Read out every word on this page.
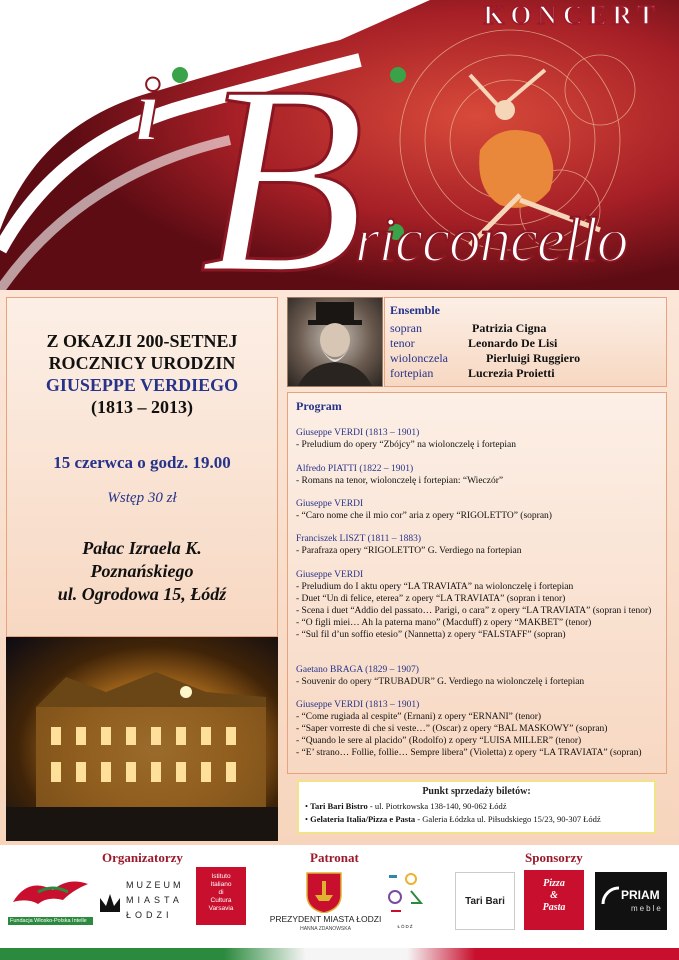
i B
KONCERT
ricconcello
Z OKAZJI 200-SETNEJ
ROCZNICY URODZIN
GIUSEPPE VERDIEGO
(1813 – 2013)
15 czerwca o godz. 19.00
Wstęp 30 zł
Pałac Izraela K.
Poznańskiego
ul. Ogrodowa 15, Łódź
Ensemble
sopran	Patrizia Cigna
tenor	Leonardo De Lisi
wiolonczela	Pierluigi Ruggiero
fortepian	Lucrezia Proietti
Program
Giuseppe VERDI (1813 – 1901)
- Preludium do opery “Zbójcy” na wiolonczelę i fortepian
Alfredo PIATTI (1822 – 1901)
- Romans na tenor, wiolonczelę i fortepian: “Wieczór”
Giuseppe VERDI
- “Caro nome che il mio cor” aria z opery “RIGOLETTO” (sopran)
Franciszek LISZT (1811 – 1883)
- Parafraza opery “RIGOLETTO” G. Verdiego na fortepian
Giuseppe VERDI
- Preludium do I aktu opery “LA TRAVIATA” na wiolonczelę i fortepian
- Duet “Un dì felice, eterea” z opery “LA TRAVIATA” (sopran i tenor)
- Scena i duet “Addio del passato… Parigi, o cara” z opery “LA TRAVIATA” (sopran i tenor)
- “O figli miei… Ah la paterna mano” (Macduff) z opery “MAKBET” (tenor)
- “Sul fil d’un soffio etesio” (Nannetta) z opery “FALSTAFF” (sopran)
Gaetano BRAGA (1829 – 1907)
- Souvenir do opery “TRUBADUR” G. Verdiego na wiolonczelę i fortepian
Giuseppe VERDI (1813 – 1901)
- “Come rugiada al cespite” (Ernani) z opery “ERNANI” (tenor)
- “Saper vorreste di che si veste…” (Oscar) z opery “BAL MASKOWY” (sopran)
- “Quando le sere al placido” (Rodolfo) z opery “LUISA MILLER” (tenor)
- “E’ strano… Follie, follie… Sempre libera” (Violetta) z opery “LA TRAVIATA” (sopran)
Punkt sprzedaży biletów:
• Tari Bari Bistro - ul. Piotrkowska 138-140, 90-062 Łódź
• Gelateria Italia/Pizza e Pasta - Galeria Łódzka ul. Piłsudskiego 15/23, 90-307 Łódź
Organizatorzy	Patronat	Sponsorzy
Fundacja Włosko-Polska Intelle
MUZEUM
MIASTA
ŁODZI
Istituto
Italiano
di
Cultura
Varsavia
PREZYDENT MIASTA ŁODZI
HANNA ZDANOWSKA	ŁÓDŹ
Tari Bari
Pizza
&
Pasta
PRIAM
meble
